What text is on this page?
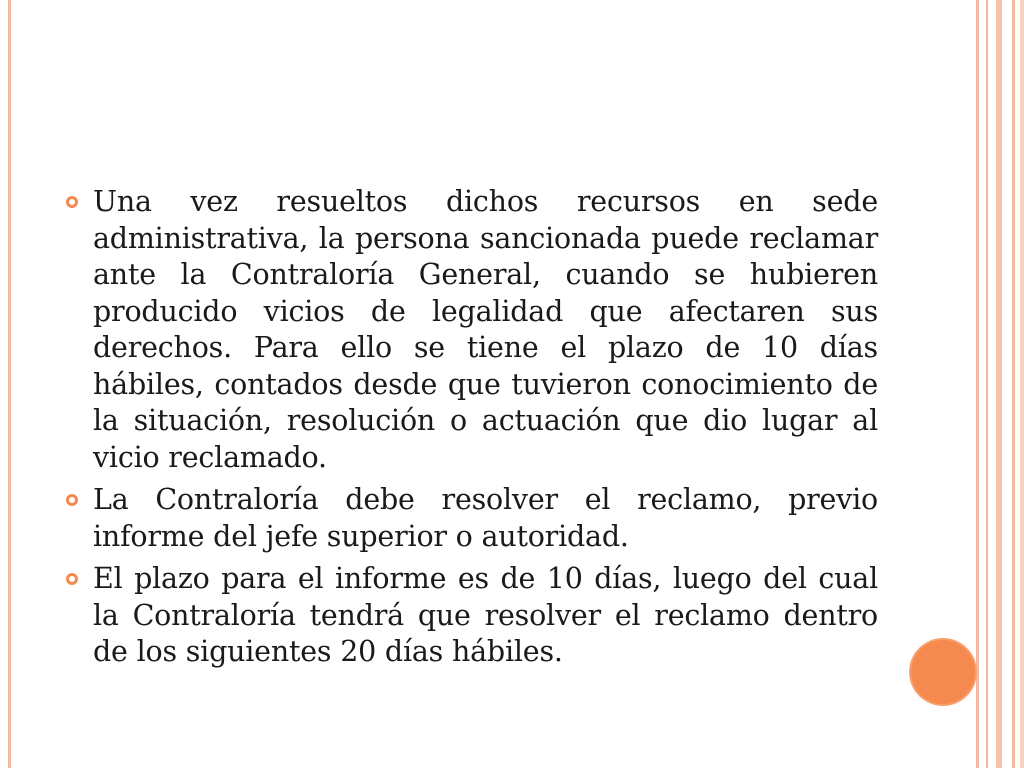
Una vez resueltos dichos recursos en sede administrativa, la persona sancionada puede reclamar ante la Contraloría General, cuando se hubieren producido vicios de legalidad que afectaren sus derechos. Para ello se tiene el plazo de 10 días hábiles, contados desde que tuvieron conocimiento de la situación, resolución o actuación que dio lugar al vicio reclamado.
La Contraloría debe resolver el reclamo, previo informe del jefe superior o autoridad.
El plazo para el informe es de 10 días, luego del cual la Contraloría tendrá que resolver el reclamo dentro de los siguientes 20 días hábiles.
